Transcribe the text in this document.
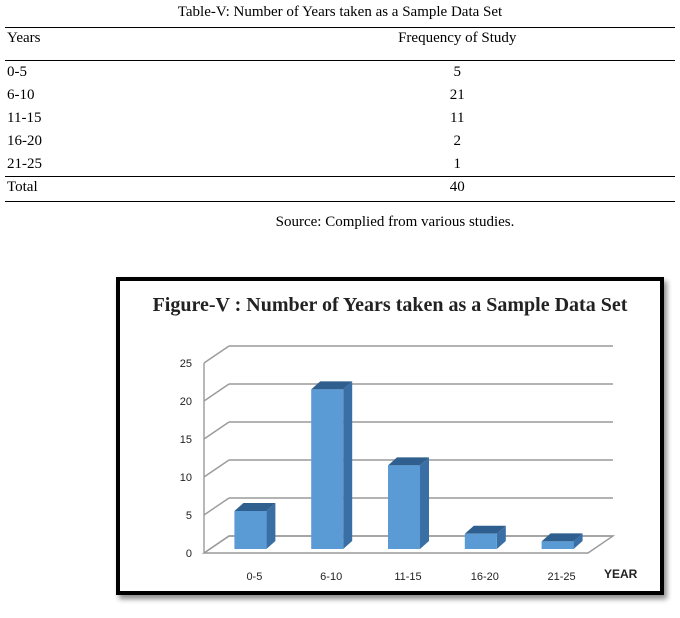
Table-V: Number of Years taken as a Sample Data Set
Years	Frequency of Study

0-5	5
6-10	21
11-15	11
16-20	2
21-25	1
Total	40
Source: Complied from various studies.
Figure-V : Number of Years taken as a Sample Data Set
0
5
10
15
20
25
0-5	6-10	11-15	16-20	21-25 YEAR
